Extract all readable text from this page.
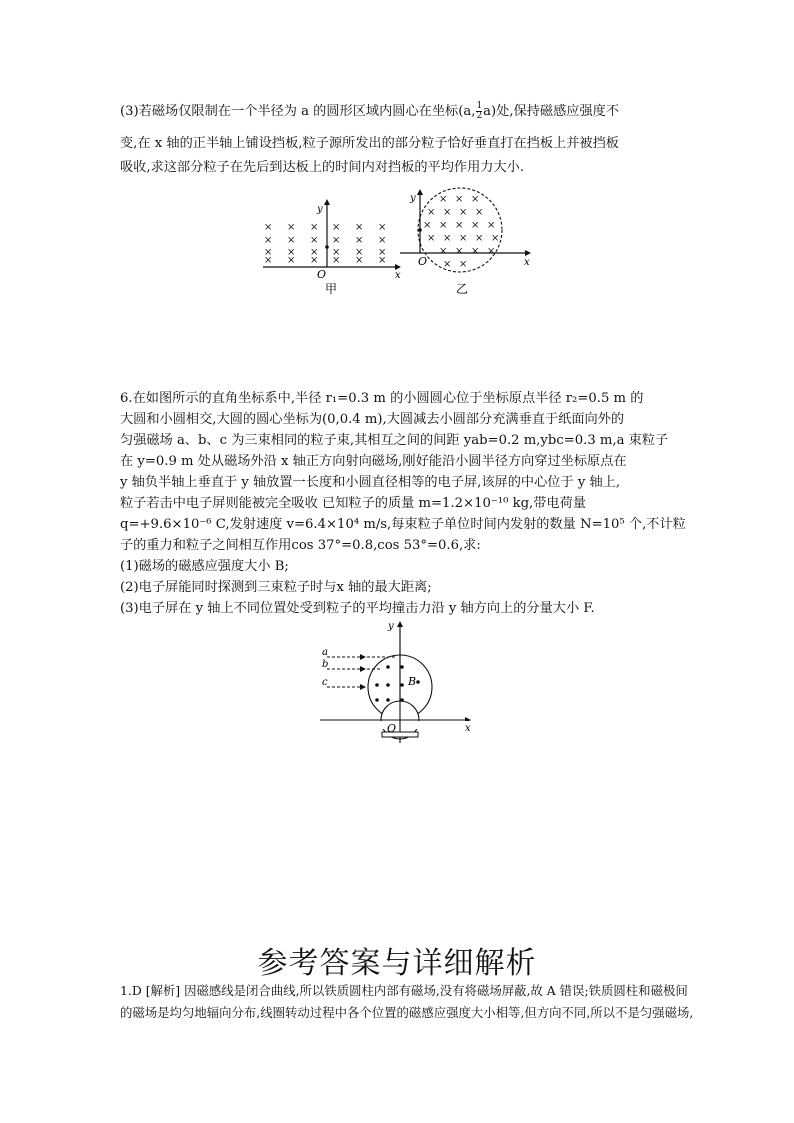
(3)若磁场仅限制在一个半径为 a 的圆形区域内圆心在坐标(a, $\frac{1}{2} a$)处,保持磁感应强度不
变,在 x 轴的正半轴上铺设挡板,粒子源所发出的部分粒子恰好垂直打在挡板上并被挡板
吸收,求这部分粒子在先后到达板上的时间内对挡板的平均作用力大小.
×
×
×
×
×
×
×
×
×
×
×
×
×
×
×
×
×
×
×
×
×
×
×
×
O	x
y
甲
× × ×
× × × ×
× × × × ×
× × × × ×
× × × ×
× ×
O	x
y
乙
6.在如图所示的直角坐标系中,半径 r₁=0.3 m 的小圆圆心位于坐标原点半径 r₂=0.5 m 的
大圆和小圆相交,大圆的圆心坐标为(0,0.4 m),大圆减去小圆部分充满垂直于纸面向外的
匀强磁场 a、b、c 为三束相同的粒子束,其相互之间的间距 yab=0.2 m,ybc=0.3 m,a 束粒子
在 y=0.9 m 处从磁场外沿 x 轴正方向射向磁场,刚好能沿小圆半径方向穿过坐标原点在
y 轴负半轴上垂直于 y 轴放置一长度和小圆直径相等的电子屏,该屏的中心位于 y 轴上,
粒子若击中电子屏则能被完全吸收 已知粒子的质量 m=1.2×10⁻¹⁰ kg,带电荷量
q=+9.6×10⁻⁶ C,发射速度 v=6.4×10⁴ m/s,每束粒子单位时间内发射的数量 N=10⁵ 个,不计粒
子的重力和粒子之间相互作用cos 37°=0.8,cos 53°=0.6,求:
(1)磁场的磁感应强度大小 B;
(2)电子屏能同时探测到三束粒子时与x 轴的最大距离;
(3)电子屏在 y 轴上不同位置处受到粒子的平均撞击力沿 y 轴方向上的分量大小 F.
a
b
c	B
O	x
y
参考答案与详细解析
1.D [解析] 因磁感线是闭合曲线,所以铁质圆柱内部有磁场,没有将磁场屏蔽,故 A 错误;铁质圆柱和磁极间
的磁场是均匀地辐向分布,线圈转动过程中各个位置的磁感应强度大小相等,但方向不同,所以不是匀强磁场,
